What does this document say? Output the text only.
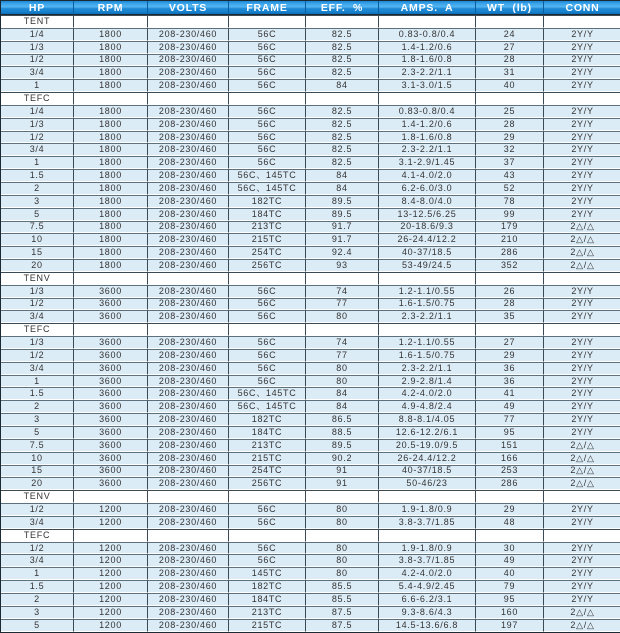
HP	RPM	VOLTS	FRAME	EFF.  %	AMPS.  A	WT  (lb)	CONN
TENT							
1/4	1800	208-230/460	56C	82.5	0.83-0.8/0.4	24	2Y/Y
1/3	1800	208-230/460	56C	82.5	1.4-1.2/0.6	27	2Y/Y
1/2	1800	208-230/460	56C	82.5	1.8-1.6/0.8	28	2Y/Y
3/4	1800	208-230/460	56C	82.5	2.3-2.2/1.1	31	2Y/Y
1	1800	208-230/460	56C	84	3.1-3.0/1.5	40	2Y/Y
TEFC							
1/4	1800	208-230/460	56C	82.5	0.83-0.8/0.4	25	2Y/Y
1/3	1800	208-230/460	56C	82.5	1.4-1.2/0.6	28	2Y/Y
1/2	1800	208-230/460	56C	82.5	1.8-1.6/0.8	29	2Y/Y
3/4	1800	208-230/460	56C	82.5	2.3-2.2/1.1	32	2Y/Y
1	1800	208-230/460	56C	82.5	3.1-2.9/1.45	37	2Y/Y
1.5	1800	208-230/460	56C、145TC	84	4.1-4.0/2.0	43	2Y/Y
2	1800	208-230/460	56C、145TC	84	6.2-6.0/3.0	52	2Y/Y
3	1800	208-230/460	182TC	89.5	8.4-8.0/4.0	78	2Y/Y
5	1800	208-230/460	184TC	89.5	13-12.5/6.25	99	2Y/Y
7.5	1800	208-230/460	213TC	91.7	20-18.6/9.3	179	2△/△
10	1800	208-230/460	215TC	91.7	26-24.4/12.2	210	2△/△
15	1800	208-230/460	254TC	92.4	40-37/18.5	286	2△/△
20	1800	208-230/460	256TC	93	53-49/24.5	352	2△/△
TENV							
1/3	3600	208-230/460	56C	74	1.2-1.1/0.55	26	2Y/Y
1/2	3600	208-230/460	56C	77	1.6-1.5/0.75	28	2Y/Y
3/4	3600	208-230/460	56C	80	2.3-2.2/1.1	35	2Y/Y
TEFC							
1/3	3600	208-230/460	56C	74	1.2-1.1/0.55	27	2Y/Y
1/2	3600	208-230/460	56C	77	1.6-1.5/0.75	29	2Y/Y
3/4	3600	208-230/460	56C	80	2.3-2.2/1.1	36	2Y/Y
1	3600	208-230/460	56C	80	2.9-2.8/1.4	36	2Y/Y
1.5	3600	208-230/460	56C、145TC	84	4.2-4.0/2.0	41	2Y/Y
2	3600	208-230/460	56C、145TC	84	4.9-4.8/2.4	49	2Y/Y
3	3600	208-230/460	182TC	86.5	8.8-8.1/4.05	77	2Y/Y
5	3600	208-230/460	184TC	88.5	12.6-12.2/6.1	95	2Y/Y
7.5	3600	208-230/460	213TC	89.5	20.5-19.0/9.5	151	2△/△
10	3600	208-230/460	215TC	90.2	26-24.4/12.2	166	2△/△
15	3600	208-230/460	254TC	91	40-37/18.5	253	2△/△
20	3600	208-230/460	256TC	91	50-46/23	286	2△/△
TENV							
1/2	1200	208-230/460	56C	80	1.9-1.8/0.9	29	2Y/Y
3/4	1200	208-230/460	56C	80	3.8-3.7/1.85	48	2Y/Y
TEFC							
1/2	1200	208-230/460	56C	80	1.9-1.8/0.9	30	2Y/Y
3/4	1200	208-230/460	56C	80	3.8-3.7/1.85	49	2Y/Y
1	1200	208-230/460	145TC	80	4.2-4.0/2.0	40	2Y/Y
1.5	1200	208-230/460	182TC	85.5	5.4-4.9/2.45	79	2Y/Y
2	1200	208-230/460	184TC	85.5	6.6-6.2/3.1	95	2Y/Y
3	1200	208-230/460	213TC	87.5	9.3-8.6/4.3	160	2△/△
5	1200	208-230/460	215TC	87.5	14.5-13.6/6.8	197	2△/△
